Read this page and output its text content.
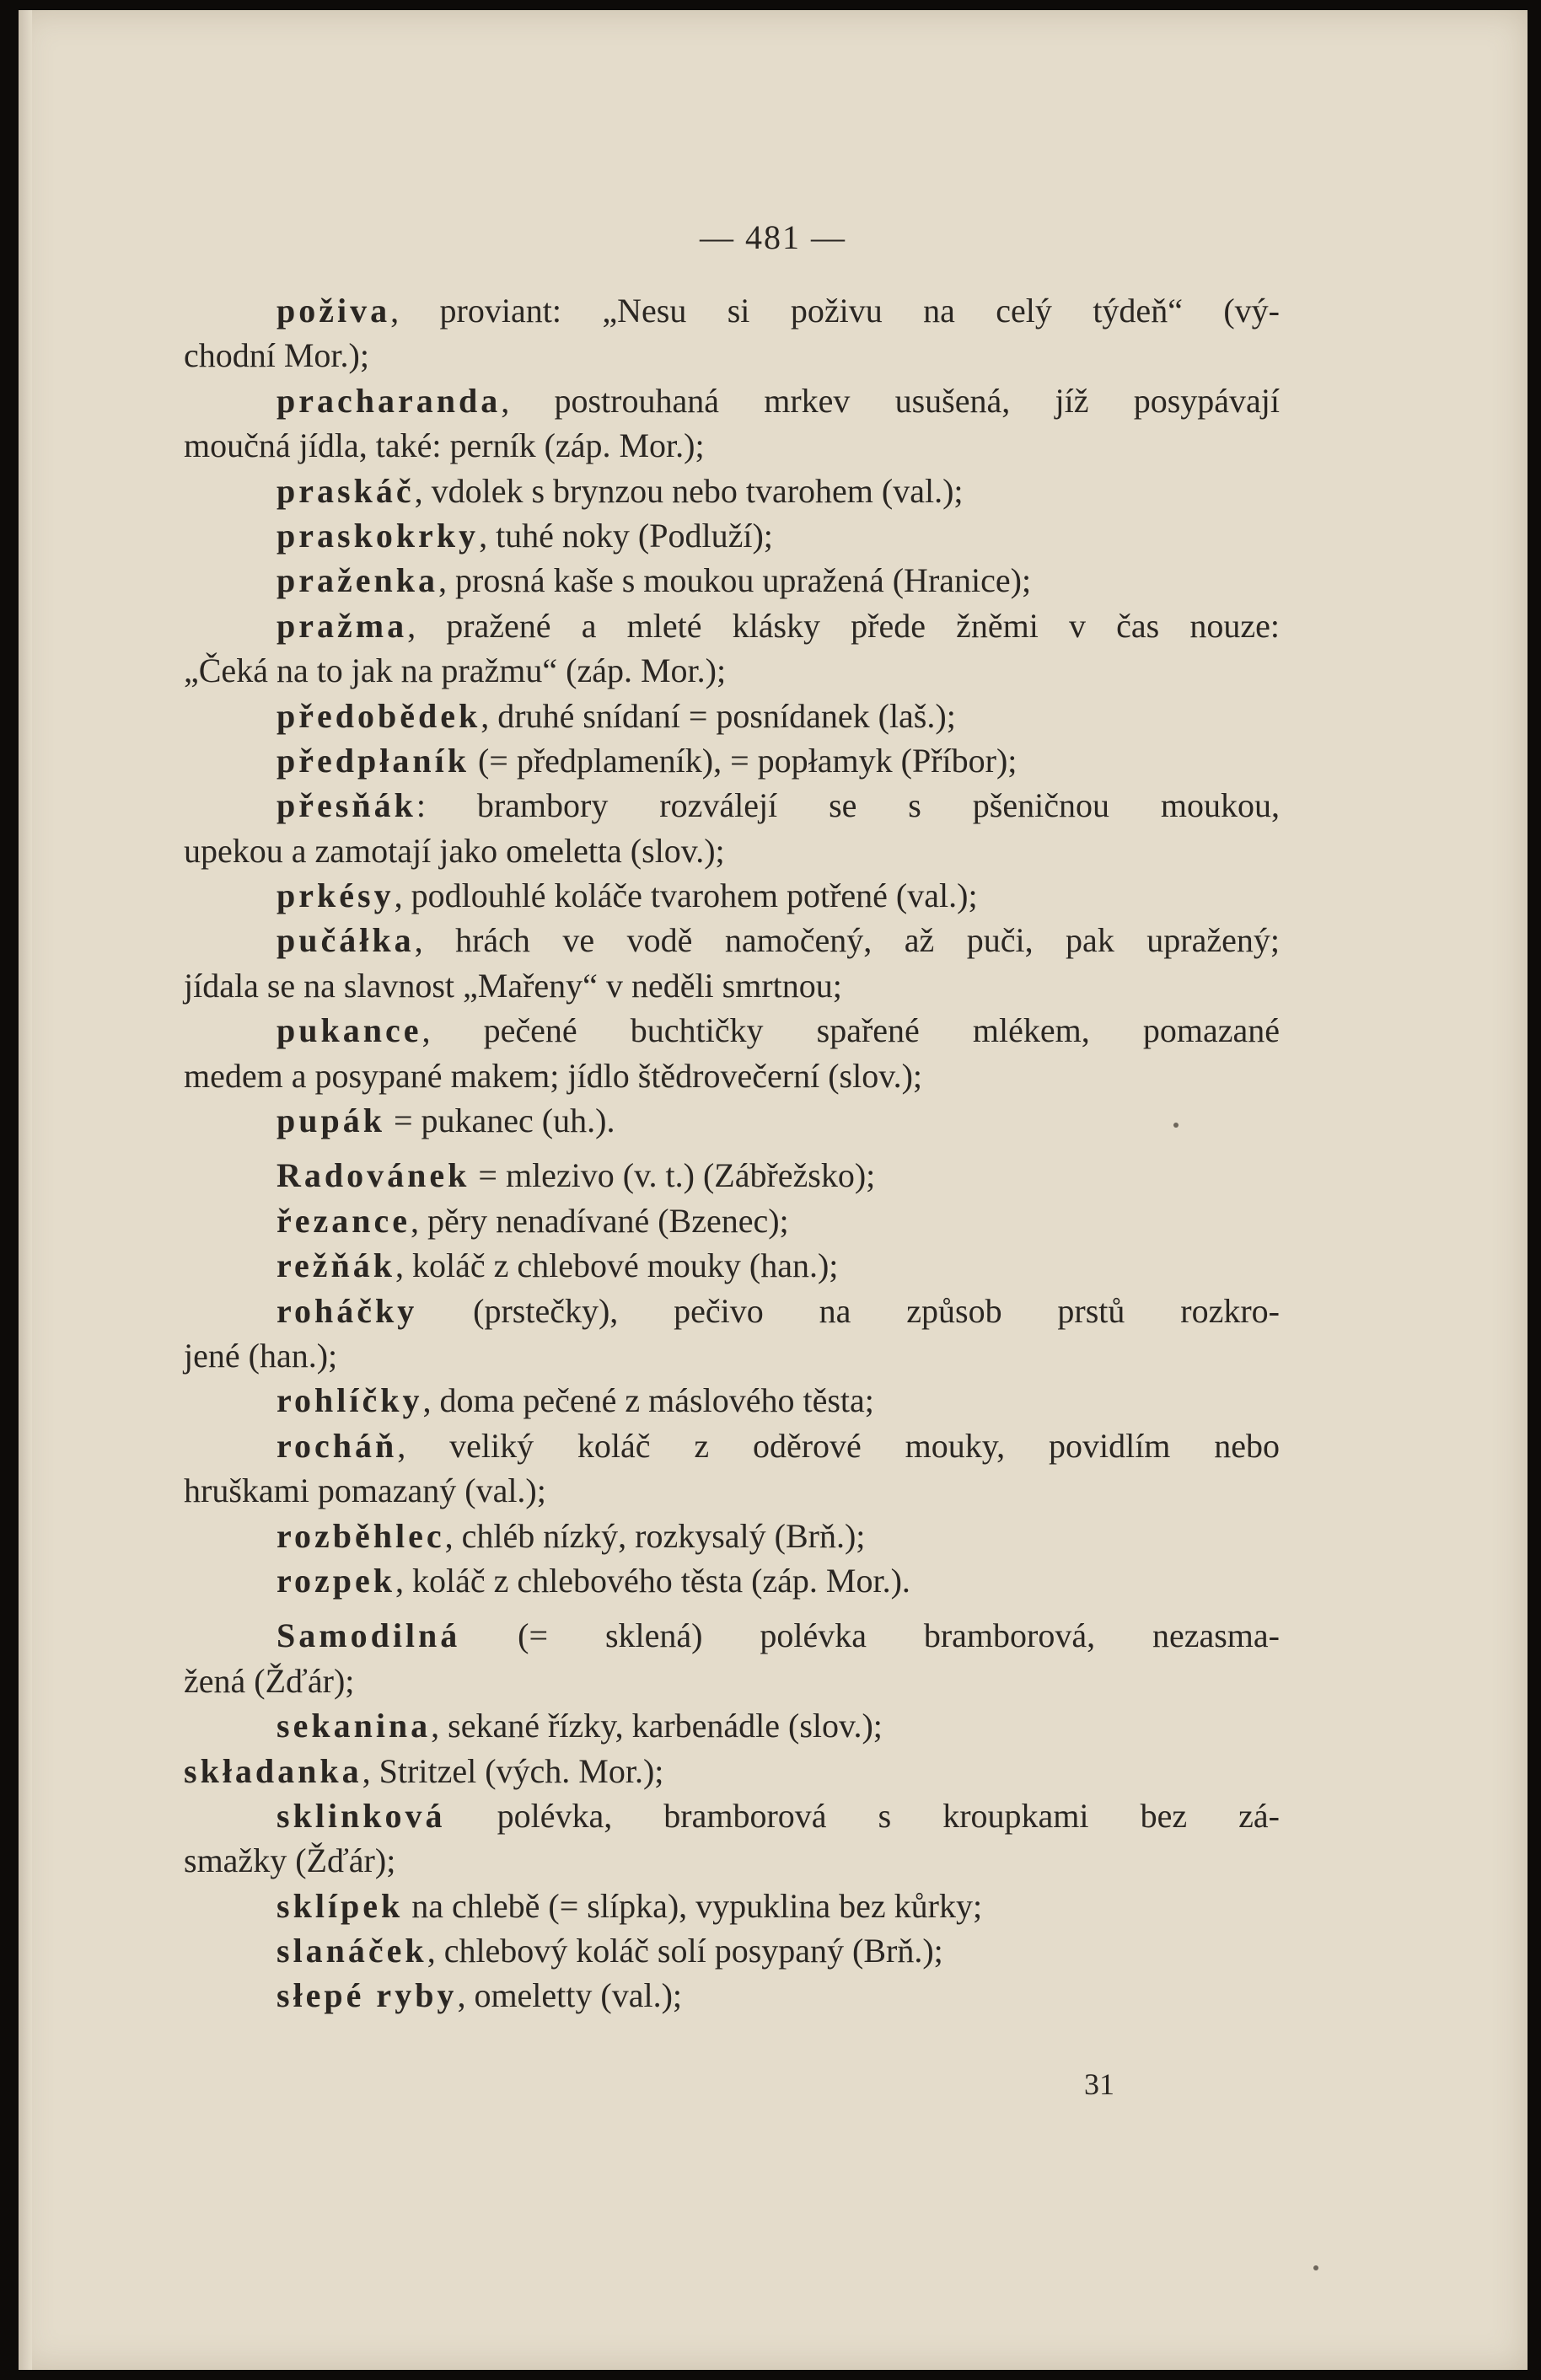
— 481 —
poživa, proviant: „Nesu si poživu na celý týdeň“ (vý-
chodní Mor.);
pracharanda, postrouhaná mrkev usušená, jíž posypávají
moučná jídla, také: perník (záp. Mor.);
praskáč, vdolek s brynzou nebo tvarohem (val.);
praskokrky, tuhé noky (Podluží);
praženka, prosná kaše s moukou upražená (Hranice);
pražma, pražené a mleté klásky přede žněmi v čas nouze:
„Čeká na to jak na pražmu“ (záp. Mor.);
předobědek, druhé snídaní = posnídanek (laš.);
předpłaník (= předplameník), = popłamyk (Příbor);
přesňák: brambory rozválejí se s pšeničnou moukou,
upekou a zamotají jako omeletta (slov.);
prkésy, podlouhlé koláče tvarohem potřené (val.);
pučáłka, hrách ve vodě namočený, až puči, pak upražený;
jídala se na slavnost „Mařeny“ v neděli smrtnou;
pukance, pečené buchtičky spařené mlékem, pomazané
medem a posypané makem; jídlo štědrovečerní (slov.);
pupák = pukanec (uh.).
Radovánek = mlezivo (v. t.) (Zábřežsko);
řezance, pěry nenadívané (Bzenec);
režňák, koláč z chlebové mouky (han.);
roháčky (prstečky), pečivo na způsob prstů rozkro-
jené (han.);
rohlíčky, doma pečené z máslového těsta;
rocháň, veliký koláč z oděrové mouky, povidlím nebo
hruškami pomazaný (val.);
rozběhlec, chléb nízký, rozkysalý (Brň.);
rozpek, koláč z chlebového těsta (záp. Mor.).
Samodilná (= sklená) polévka bramborová, nezasma-
žená (Žďár);
sekanina, sekané řízky, karbenádle (slov.);
składanka, Stritzel (vých. Mor.);
sklinková polévka, bramborová s kroupkami bez zá-
smažky (Žďár);
sklípek na chlebě (= slípka), vypuklina bez kůrky;
slanáček, chlebový koláč solí posypaný (Brň.);
słepé ryby, omeletty (val.);
31
